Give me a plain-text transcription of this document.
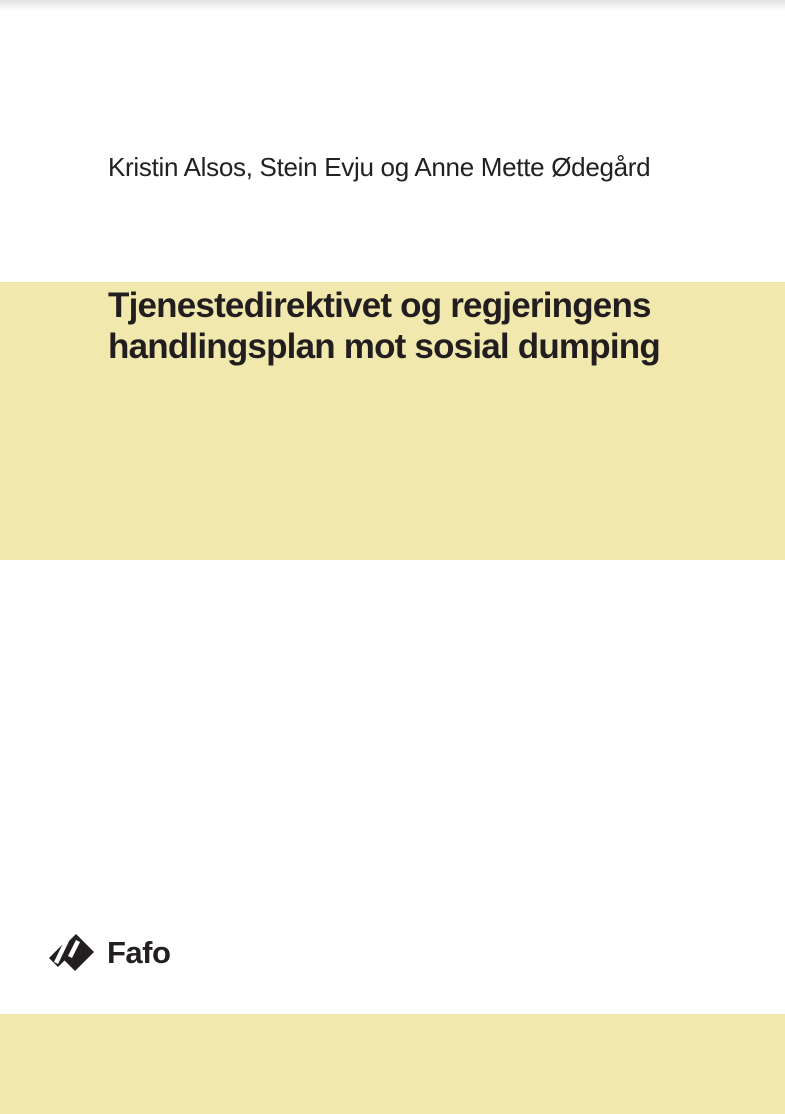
Kristin Alsos, Stein Evju og Anne Mette Ødegård
Tjenestedirektivet og regjeringens
handlingsplan mot sosial dumping
Fafo
